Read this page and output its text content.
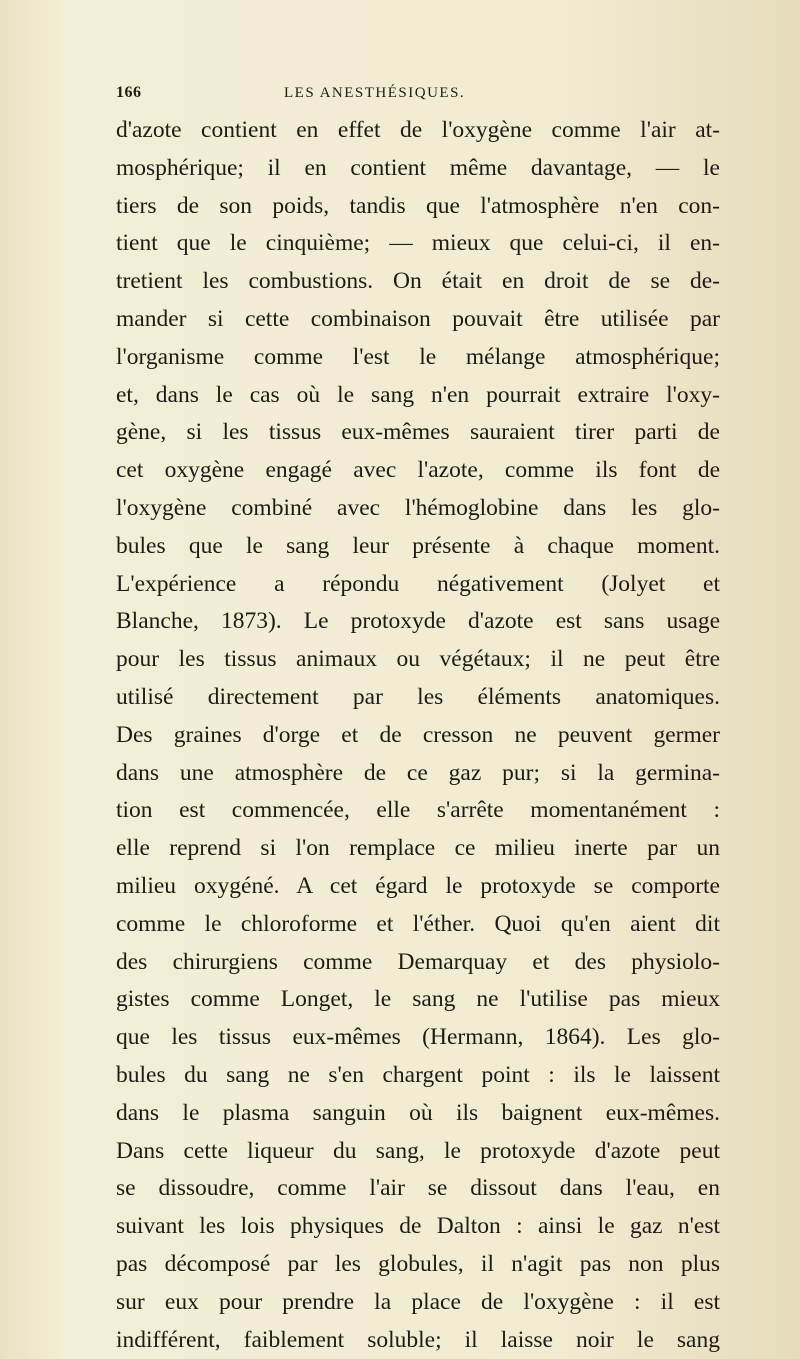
166	LES ANESTHÉSIQUES.
d'azote contient en effet de l'oxygène comme l'air at-
mosphérique; il en contient même davantage, — le
tiers de son poids, tandis que l'atmosphère n'en con-
tient que le cinquième; — mieux que celui-ci, il en-
tretient les combustions. On était en droit de se de-
mander si cette combinaison pouvait être utilisée par
l'organisme comme l'est le mélange atmosphérique;
et, dans le cas où le sang n'en pourrait extraire l'oxy-
gène, si les tissus eux-mêmes sauraient tirer parti de
cet oxygène engagé avec l'azote, comme ils font de
l'oxygène combiné avec l'hémoglobine dans les glo-
bules que le sang leur présente à chaque moment.
L'expérience a répondu négativement (Jolyet et
Blanche, 1873). Le protoxyde d'azote est sans usage
pour les tissus animaux ou végétaux; il ne peut être
utilisé directement par les éléments anatomiques.
Des graines d'orge et de cresson ne peuvent germer
dans une atmosphère de ce gaz pur; si la germina-
tion est commencée, elle s'arrête momentanément :
elle reprend si l'on remplace ce milieu inerte par un
milieu oxygéné. A cet égard le protoxyde se comporte
comme le chloroforme et l'éther. Quoi qu'en aient dit
des chirurgiens comme Demarquay et des physiolo-
gistes comme Longet, le sang ne l'utilise pas mieux
que les tissus eux-mêmes (Hermann, 1864). Les glo-
bules du sang ne s'en chargent point : ils le laissent
dans le plasma sanguin où ils baignent eux-mêmes.
Dans cette liqueur du sang, le protoxyde d'azote peut
se dissoudre, comme l'air se dissout dans l'eau, en
suivant les lois physiques de Dalton : ainsi le gaz n'est
pas décomposé par les globules, il n'agit pas non plus
sur eux pour prendre la place de l'oxygène : il est
indifférent, faiblement soluble; il laisse noir le sang
